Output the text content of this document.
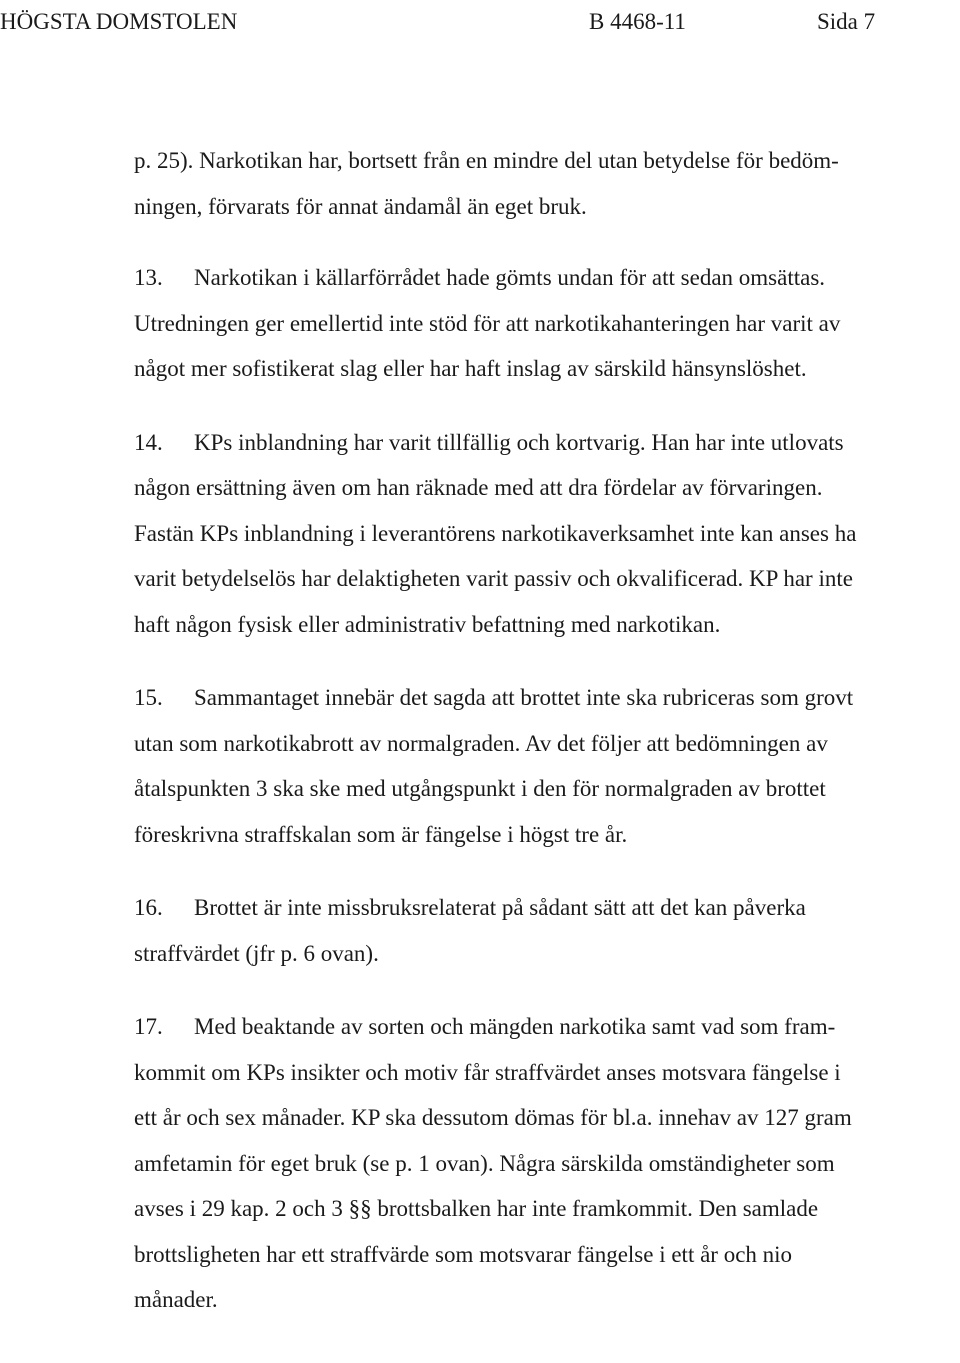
HÖGSTA DOMSTOLEN	B 4468-11	Sida 7

p. 25). Narkotikan har, bortsett från en mindre del utan betydelse för bedöm-

ningen, förvarats för annat ändamål än eget bruk.

13. Narkotikan i källarförrådet hade gömts undan för att sedan omsättas.

Utredningen ger emellertid inte stöd för att narkotikahanteringen har varit av

något mer sofistikerat slag eller har haft inslag av särskild hänsynslöshet.

14. KPs inblandning har varit tillfällig och kortvarig. Han har inte utlovats

någon ersättning även om han räknade med att dra fördelar av förvaringen.

Fastän KPs inblandning i leverantörens narkotikaverksamhet inte kan anses ha

varit betydelselös har delaktigheten varit passiv och okvalificerad. KP har inte

haft någon fysisk eller administrativ befattning med narkotikan.

15. Sammantaget innebär det sagda att brottet inte ska rubriceras som grovt

utan som narkotikabrott av normalgraden. Av det följer att bedömningen av

åtalspunkten 3 ska ske med utgångspunkt i den för normalgraden av brottet

föreskrivna straffskalan som är fängelse i högst tre år.

16. Brottet är inte missbruksrelaterat på sådant sätt att det kan påverka

straffvärdet (jfr p. 6 ovan).

17. Med beaktande av sorten och mängden narkotika samt vad som fram-

kommit om KPs insikter och motiv får straffvärdet anses motsvara fängelse i

ett år och sex månader. KP ska dessutom dömas för bl.a. innehav av 127 gram

amfetamin för eget bruk (se p. 1 ovan). Några särskilda omständigheter som

avses i 29 kap. 2 och 3 §§ brottsbalken har inte framkommit. Den samlade

brottsligheten har ett straffvärde som motsvarar fängelse i ett år och nio

månader.
